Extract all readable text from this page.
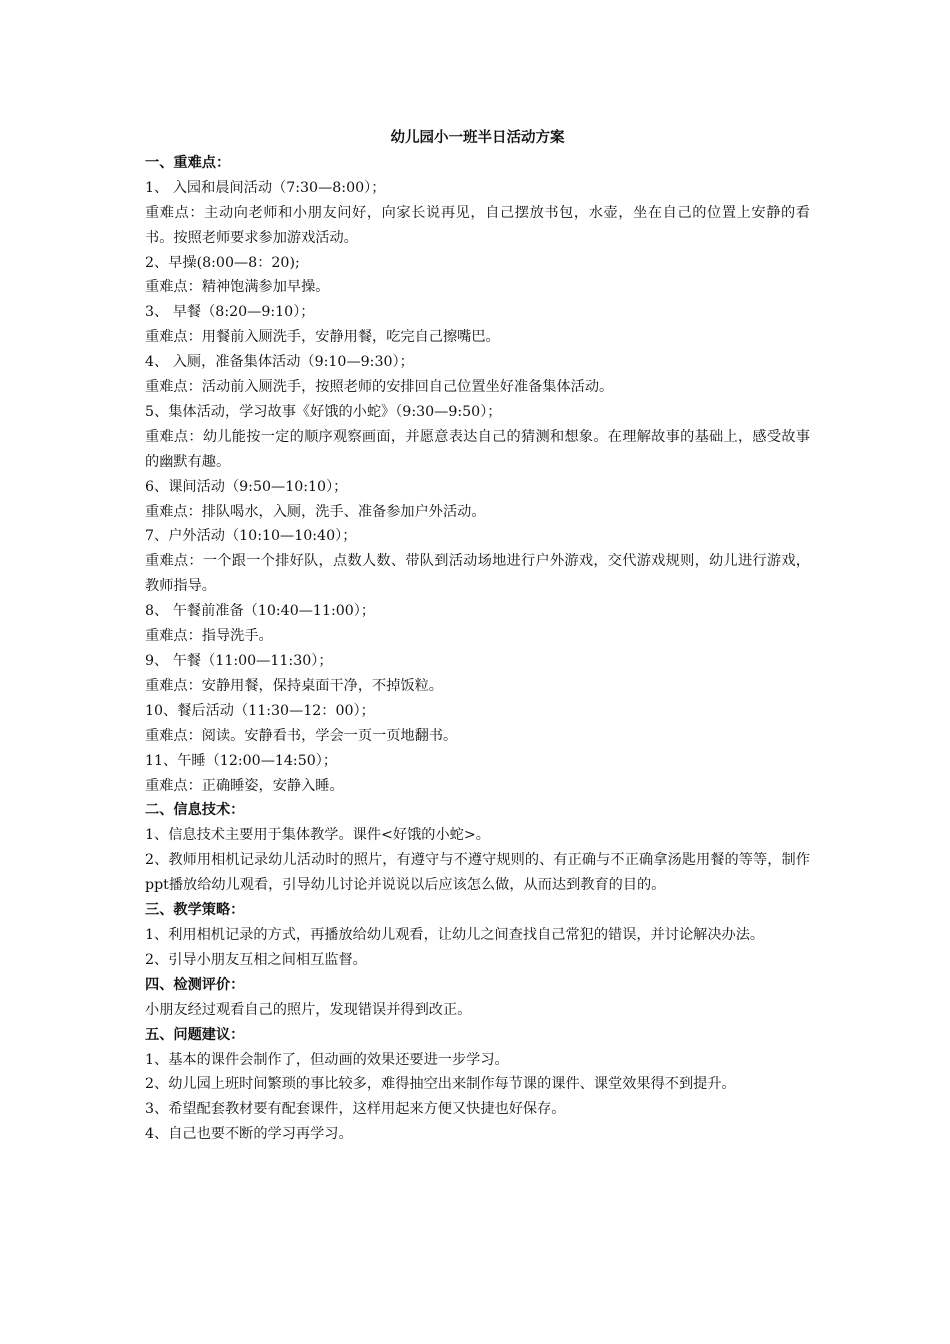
幼儿园小一班半日活动方案

一、重难点：

1、 入园和晨间活动（7:30—8:00）；

重难点：主动向老师和小朋友问好，向家长说再见，自己摆放书包，水壶，坐在自己的位置上安静的看书。按照老师要求参加游戏活动。

2、早操(8:00—8：20);

重难点：精神饱满参加早操。

3、 早餐（8:20—9:10）；

重难点：用餐前入厕洗手，安静用餐，吃完自己擦嘴巴。

4、 入厕，准备集体活动（9:10—9:30）；

重难点：活动前入厕洗手，按照老师的安排回自己位置坐好准备集体活动。

5、集体活动，学习故事《好饿的小蛇》（9:30—9:50）；

重难点：幼儿能按一定的顺序观察画面，并愿意表达自己的猜测和想象。在理解故事的基础上，感受故事的幽默有趣。

6、课间活动（9:50—10:10）；

重难点：排队喝水，入厕，洗手、准备参加户外活动。

7、户外活动（10:10—10:40）；

重难点：一个跟一个排好队，点数人数、带队到活动场地进行户外游戏，交代游戏规则，幼儿进行游戏，教师指导。

8、 午餐前准备（10:40—11:00）；

重难点：指导洗手。

9、 午餐（11:00—11:30）；

重难点：安静用餐，保持桌面干净，不掉饭粒。

10、餐后活动（11:30—12：00）；

重难点：阅读。安静看书，学会一页一页地翻书。

11、午睡（12:00—14:50）；

重难点：正确睡姿，安静入睡。

二、信息技术：

1、信息技术主要用于集体教学。课件<好饿的小蛇>。

2、教师用相机记录幼儿活动时的照片，有遵守与不遵守规则的、有正确与不正确拿汤匙用餐的等等，制作ppt播放给幼儿观看，引导幼儿讨论并说说以后应该怎么做，从而达到教育的目的。

三、教学策略：

1、利用相机记录的方式，再播放给幼儿观看，让幼儿之间查找自己常犯的错误，并讨论解决办法。

2、引导小朋友互相之间相互监督。

四、检测评价：

小朋友经过观看自己的照片，发现错误并得到改正。

五、问题建议：

1、基本的课件会制作了，但动画的效果还要进一步学习。

2、幼儿园上班时间繁琐的事比较多，难得抽空出来制作每节课的课件、课堂效果得不到提升。

3、希望配套教材要有配套课件，这样用起来方便又快捷也好保存。

4、自己也要不断的学习再学习。
